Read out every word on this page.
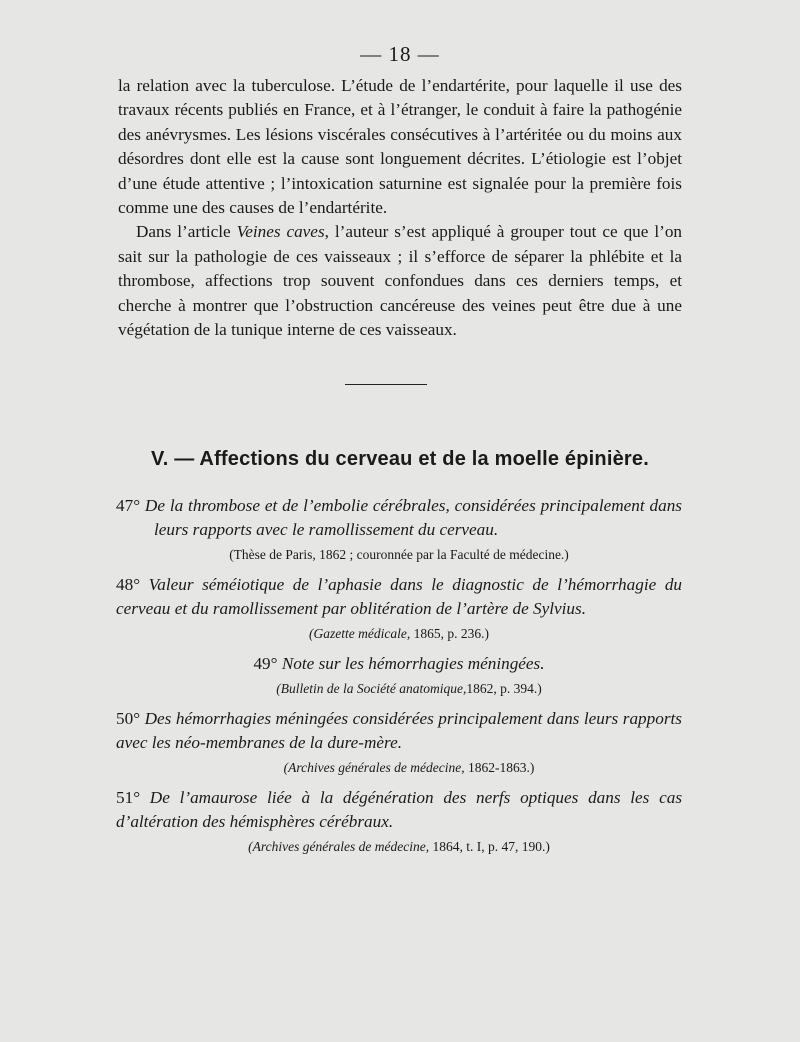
— 18 —

la relation avec la tuberculose. L’étude de l’endartérite, pour laquelle il use des travaux récents publiés en France, et à l’étranger, le conduit à faire la pathogénie des anévrysmes. Les lésions viscérales consécutives à l’artéritée ou du moins aux désordres dont elle est la cause sont longuement décrites. L’étiologie est l’objet d’une étude attentive ; l’intoxication saturnine est signalée pour la première fois comme une des causes de l’endartérite.

Dans l’article Veines caves, l’auteur s’est appliqué à grouper tout ce que l’on sait sur la pathologie de ces vaisseaux ; il s’efforce de séparer la phlébite et la thrombose, affections trop souvent confondues dans ces derniers temps, et cherche à montrer que l’obstruction cancéreuse des veines peut être due à une végétation de la tunique interne de ces vaisseaux.

V. — Affections du cerveau et de la moelle épinière.
47° De la thrombose et de l’embolie cérébrales, considérées principalement dans leurs rapports avec le ramollissement du cerveau.
(Thèse de Paris, 1862 ; couronnée par la Faculté de médecine.)
48° Valeur séméiotique de l’aphasie dans le diagnostic de l’hémorrhagie du cerveau et du ramollissement par oblitération de l’artère de Sylvius.
(Gazette médicale, 1865, p. 236.)
49° Note sur les hémorrhagies méningées.
(Bulletin de la Société anatomique,1862, p. 394.)
50° Des hémorrhagies méningées considérées principalement dans leurs rapports avec les néo-membranes de la dure-mère.
(Archives générales de médecine, 1862-1863.)
51° De l’amaurose liée à la dégénération des nerfs optiques dans les cas d’altération des hémisphères cérébraux.
(Archives générales de médecine, 1864, t. I, p. 47, 190.)
